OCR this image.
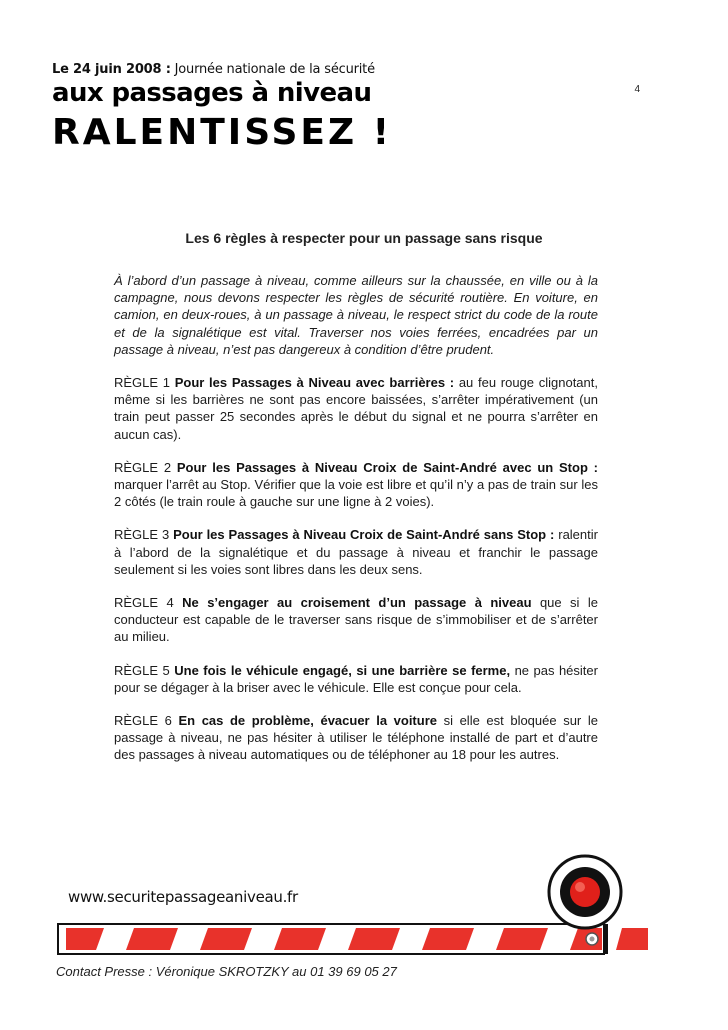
Le 24 juin 2008 : Journée nationale de la sécurité
aux passages à niveau
RALENTISSEZ !
4
Les 6 règles à respecter pour un passage sans risque

À l’abord d’un passage à niveau, comme ailleurs sur la chaussée, en ville ou à la campagne, nous devons respecter les règles de sécurité routière. En voiture, en camion, en deux-roues, à un passage à niveau, le respect strict du code de la route et de la signalétique est vital. Traverser nos voies ferrées, encadrées par un passage à niveau, n’est pas dangereux à condition d’être prudent.

RÈGLE 1 Pour les Passages à Niveau avec barrières : au feu rouge clignotant, même si les barrières ne sont pas encore baissées, s’arrêter impérativement (un train peut passer 25 secondes après le début du signal et ne pourra s’arrêter en aucun cas).

RÈGLE 2 Pour les Passages à Niveau Croix de Saint-André avec un Stop : marquer l’arrêt au Stop. Vérifier que la voie est libre et qu’il n’y a pas de train sur les 2 côtés (le train roule à gauche sur une ligne à 2 voies).

RÈGLE 3 Pour les Passages à Niveau Croix de Saint-André sans Stop : ralentir à l’abord de la signalétique et du passage à niveau et franchir le passage seulement si les voies sont libres dans les deux sens.

RÈGLE 4 Ne s’engager au croisement d’un passage à niveau que si le conducteur est capable de le traverser sans risque de s’immobiliser et de s’arrêter au milieu.

RÈGLE 5 Une fois le véhicule engagé, si une barrière se ferme, ne pas hésiter pour se dégager à la briser avec le véhicule. Elle est conçue pour cela.

RÈGLE 6 En cas de problème, évacuer la voiture si elle est bloquée sur le passage à niveau, ne pas hésiter à utiliser le téléphone installé de part et d’autre des passages à niveau automatiques ou de téléphoner au 18 pour les autres.

www.securitepassageaniveau.fr
Contact Presse : Véronique SKROTZKY au 01 39 69 05 27
